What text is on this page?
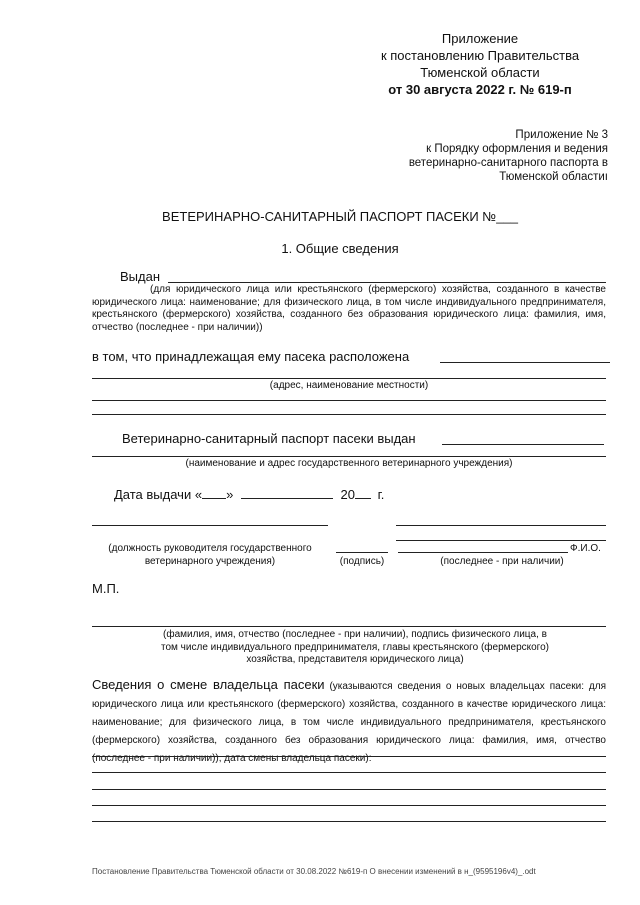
Приложение
к постановлению Правительства
Тюменской области
от 30 августа 2022 г. № 619-п
Приложение № 3
к Порядку оформления и ведения
ветеринарно-санитарного паспорта в
Тюменской областиı
ВЕТЕРИНАРНО-САНИТАРНЫЙ ПАСПОРТ ПАСЕКИ №___
1. Общие сведения
Выдан
(для юридического лица или крестьянского (фермерского) хозяйства, созданного в качестве юридического лица: наименование; для физического лица, в том числе индивидуального предпринимателя, крестьянского (фермерского) хозяйства, созданного без образования юридического лица: фамилия, имя, отчество (последнее - при наличии))
в том, что принадлежащая ему пасека расположена
(адрес, наименование местности)
Ветеринарно-санитарный паспорт пасеки выдан
(наименование и адрес государственного ветеринарного учреждения)
Дата выдачи « »	20 г.
(должность руководителя государственного ветеринарного учреждения)	(подпись)
Ф.И.О.
(последнее - при наличии)
М.П.
(фамилия, имя, отчество (последнее - при наличии), подпись физического лица, в том числе индивидуального предпринимателя, главы крестьянского (фермерского) хозяйства, представителя юридического лица)
Сведения о смене владельца пасеки (указываются сведения о новых владельцах пасеки: для юридического лица или крестьянского (фермерского) хозяйства, созданного в качестве юридического лица: наименование; для физического лица, в том числе индивидуального предпринимателя, крестьянского (фермерского) хозяйства, созданного без образования юридического лица: фамилия, имя, отчество (последнее - при наличии)), дата смены владельца пасеки):
Постановление Правительства Тюменской области от 30.08.2022 №619-п О внесении изменений в н_(9595196v4)_.odt
